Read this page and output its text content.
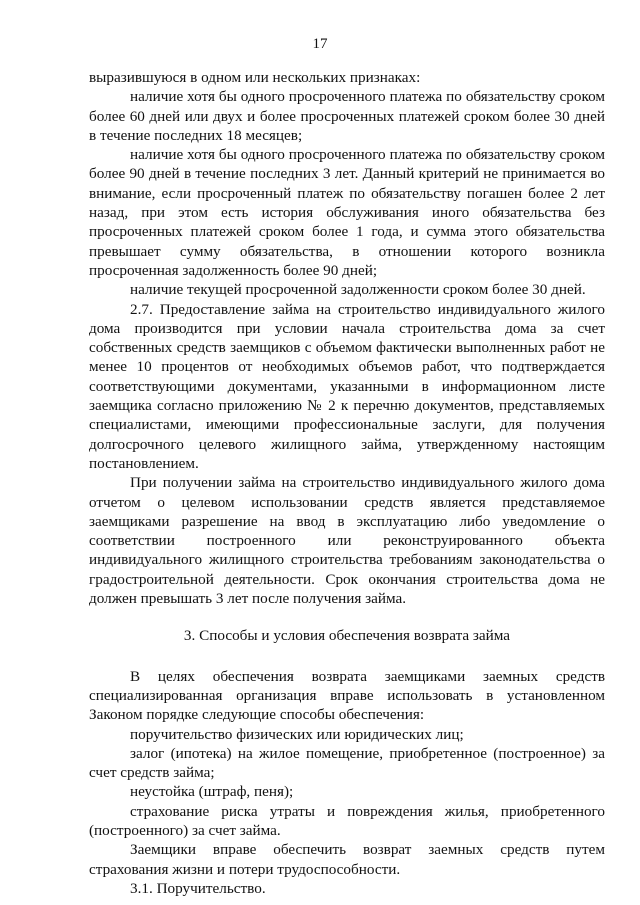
17

выразившуюся в одном или нескольких признаках:

наличие хотя бы одного просроченного платежа по обязательству сроком более 60 дней или двух и более просроченных платежей сроком более 30 дней в течение последних 18 месяцев;

наличие хотя бы одного просроченного платежа по обязательству сроком более 90 дней в течение последних 3 лет. Данный критерий не принимается во внимание, если просроченный платеж по обязательству погашен более 2 лет назад, при этом есть история обслуживания иного обязательства без просроченных платежей сроком более 1 года, и сумма этого обязательства превышает сумму обязательства, в отношении которого возникла просроченная задолженность более 90 дней;

наличие текущей просроченной задолженности сроком более 30 дней.

2.7. Предоставление займа на строительство индивидуального жилого дома производится при условии начала строительства дома за счет собственных средств заемщиков с объемом фактически выполненных работ не менее 10 процентов от необходимых объемов работ, что подтверждается соответствующими документами, указанными в информационном листе заемщика согласно приложению № 2 к перечню документов, представляемых специалистами, имеющими профессиональные заслуги, для получения долгосрочного целевого жилищного займа, утвержденному настоящим постановлением.

При получении займа на строительство индивидуального жилого дома отчетом о целевом использовании средств является представляемое заемщиками разрешение на ввод в эксплуатацию либо уведомление о соответствии построенного или реконструированного объекта индивидуального жилищного строительства требованиям законодательства о градостроительной деятельности. Срок окончания строительства дома не должен превышать 3 лет после получения займа.

3. Способы и условия обеспечения возврата займа

В целях обеспечения возврата заемщиками заемных средств специализированная организация вправе использовать в установленном Законом порядке следующие способы обеспечения:

поручительство физических или юридических лиц;

залог (ипотека) на жилое помещение, приобретенное (построенное) за счет средств займа;

неустойка (штраф, пеня);

страхование риска утраты и повреждения жилья, приобретенного (построенного) за счет займа.

Заемщики вправе обеспечить возврат заемных средств путем страхования жизни и потери трудоспособности.

3.1. Поручительство.
